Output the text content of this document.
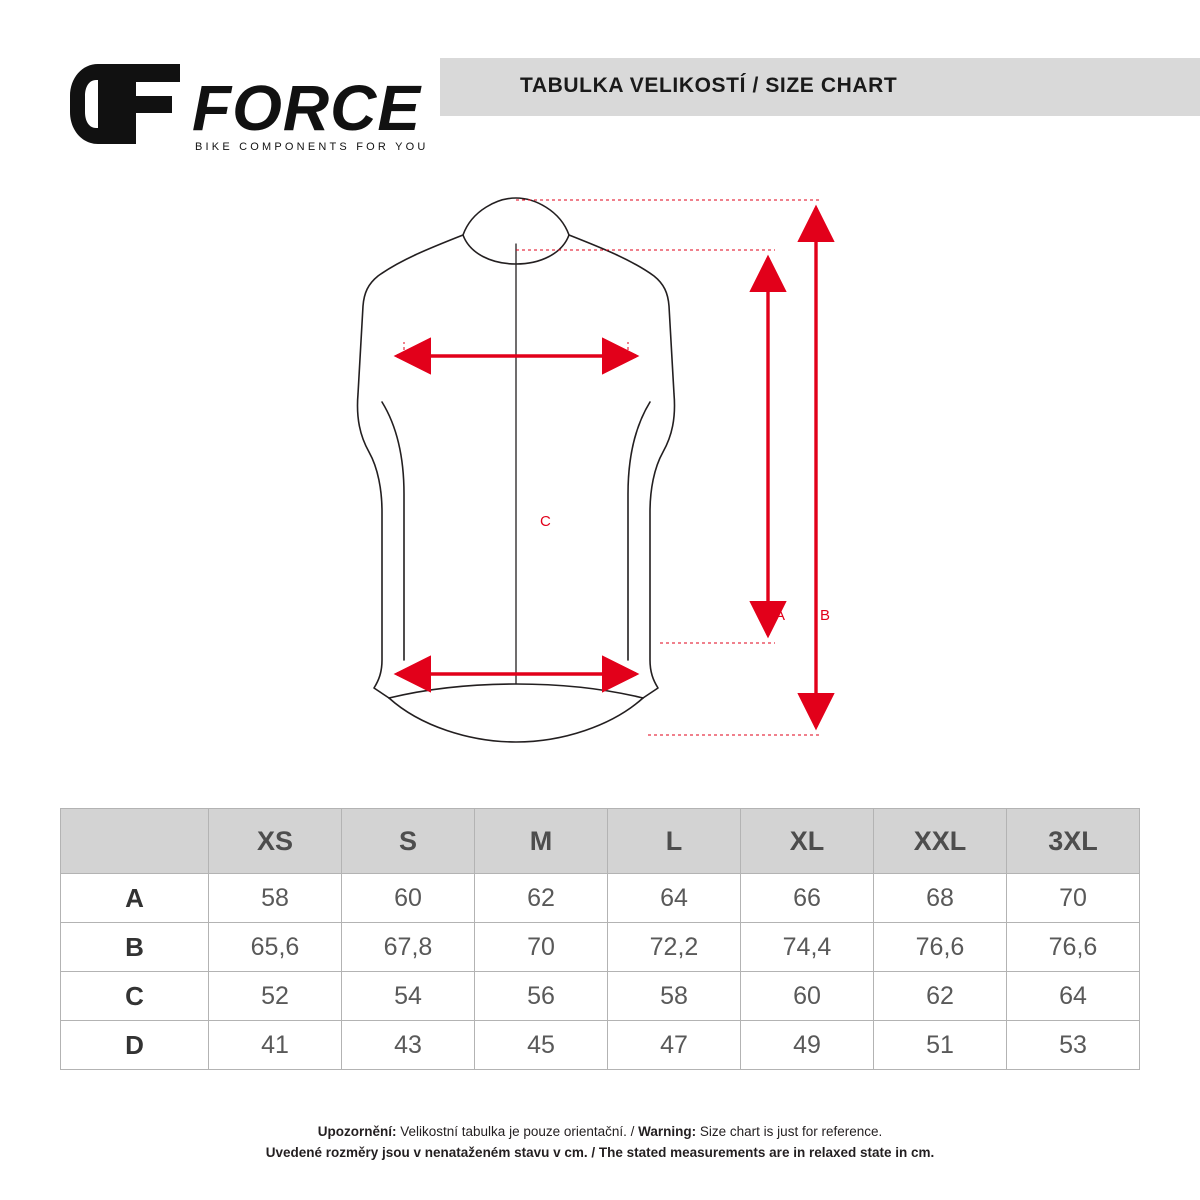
FORCE
BIKE COMPONENTS FOR YOU
TABULKA VELIKOSTÍ / SIZE CHART
C
A B
	XS	S	M	L	XL	XXL	3XL
A	58	60	62	64	66	68	70
B	65,6	67,8	70	72,2	74,4	76,6	76,6
C	52	54	56	58	60	62	64
D	41	43	45	47	49	51	53
Upozornění: Velikostní tabulka je pouze orientační. / Warning: Size chart is just for reference.
Uvedené rozměry jsou v nenataženém stavu v cm. / The stated measurements are in relaxed state in cm.
